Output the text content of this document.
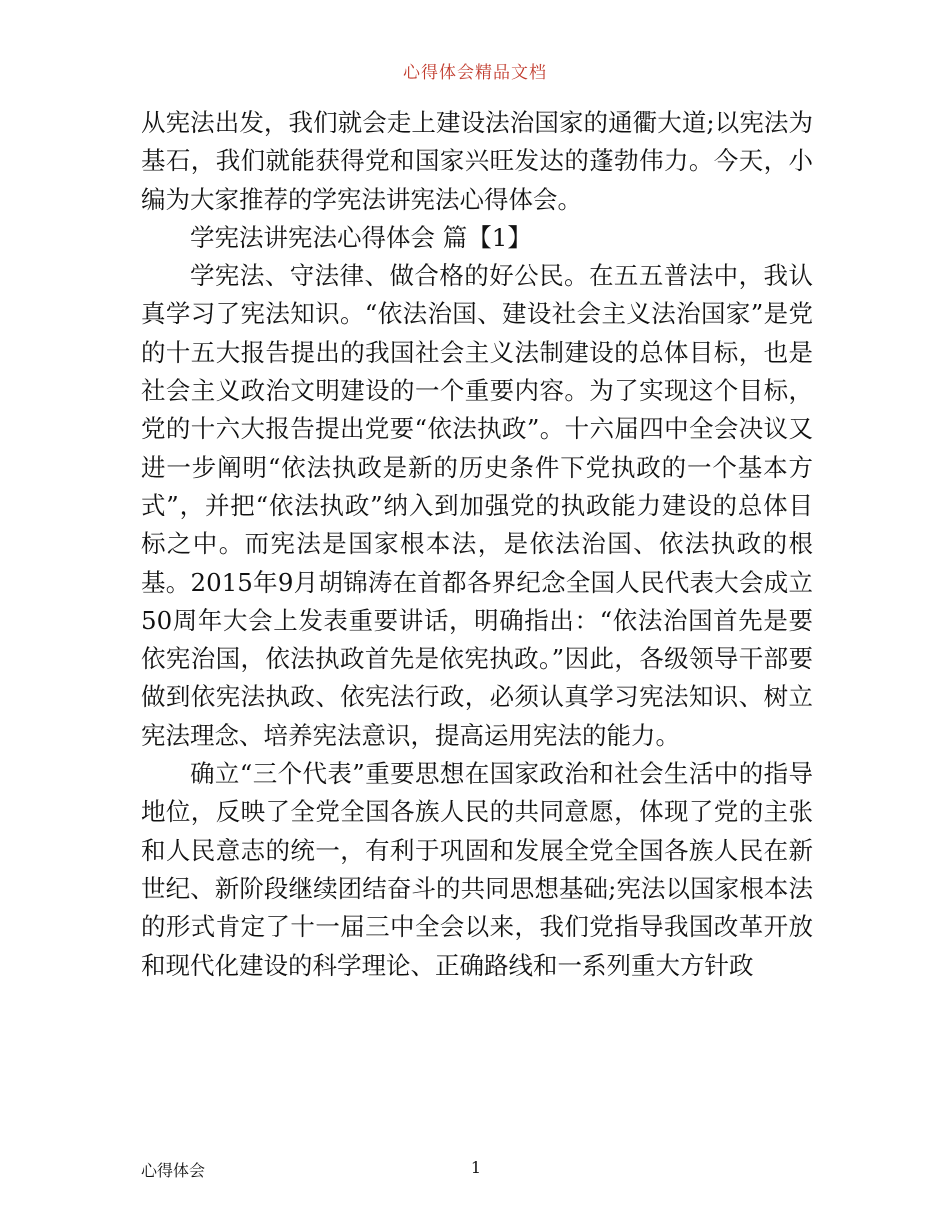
心得体会精品文档

从宪法出发，我们就会走上建设法治国家的通衢大道;以宪法为基石，我们就能获得党和国家兴旺发达的蓬勃伟力。今天，小编为大家推荐的学宪法讲宪法心得体会。

学宪法讲宪法心得体会 篇【1】

学宪法、守法律、做合格的好公民。在五五普法中，我认真学习了宪法知识。“依法治国、建设社会主义法治国家”是党的十五大报告提出的我国社会主义法制建设的总体目标，也是社会主义政治文明建设的一个重要内容。为了实现这个目标，党的十六大报告提出党要“依法执政”。十六届四中全会决议又进一步阐明“依法执政是新的历史条件下党执政的一个基本方式”，并把“依法执政”纳入到加强党的执政能力建设的总体目标之中。而宪法是国家根本法，是依法治国、依法执政的根基。2015年9月胡锦涛在首都各界纪念全国人民代表大会成立50周年大会上发表重要讲话，明确指出：“依法治国首先是要依宪治国，依法执政首先是依宪执政。”因此，各级领导干部要做到依宪法执政、依宪法行政，必须认真学习宪法知识、树立宪法理念、培养宪法意识，提高运用宪法的能力。

确立“三个代表”重要思想在国家政治和社会生活中的指导地位，反映了全党全国各族人民的共同意愿，体现了党的主张和人民意志的统一，有利于巩固和发展全党全国各族人民在新世纪、新阶段继续团结奋斗的共同思想基础;宪法以国家根本法的形式肯定了十一届三中全会以来，我们党指导我国改革开放和现代化建设的科学理论、正确路线和一系列重大方针政

心得体会	1
